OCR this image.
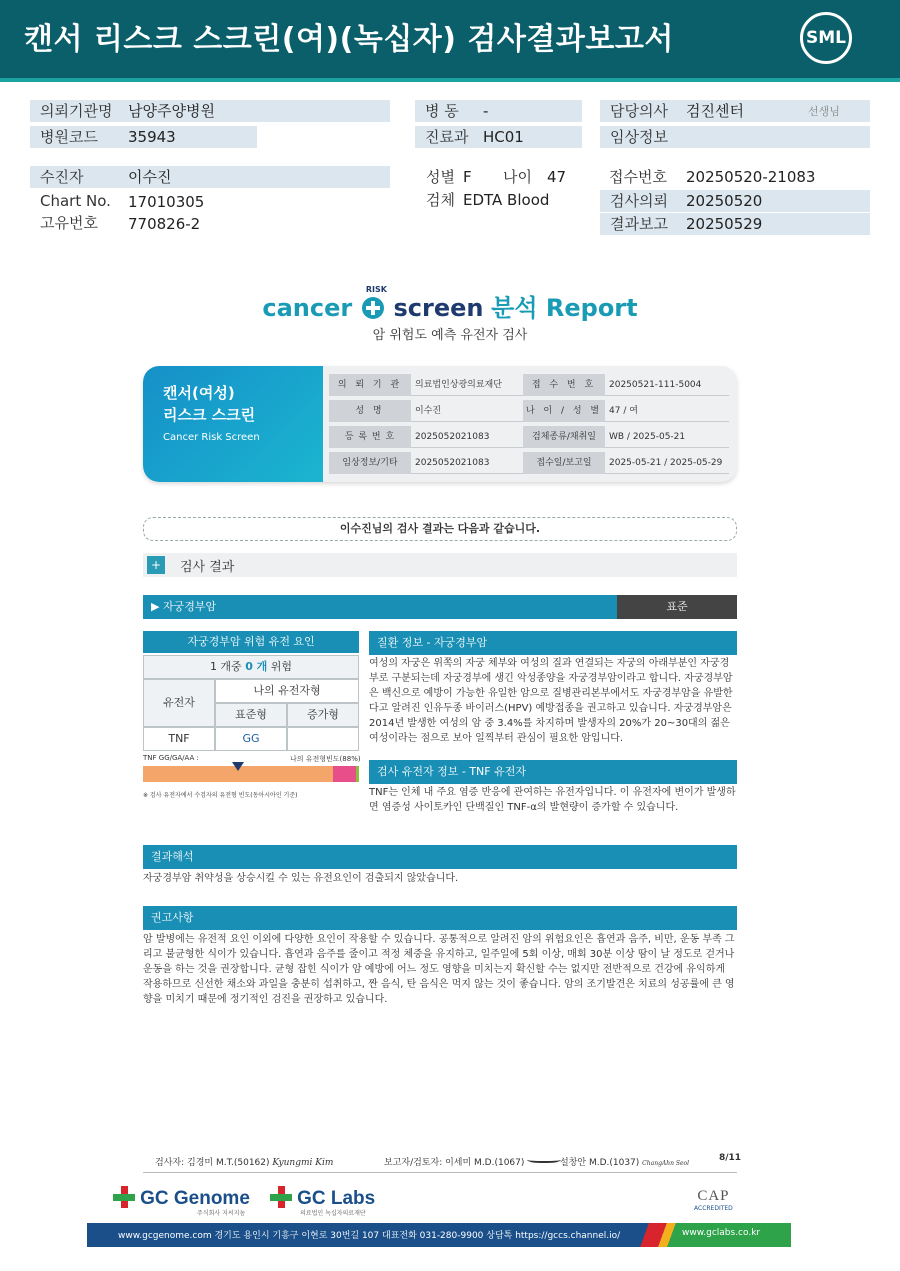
캔서 리스크 스크린(여)(녹십자) 검사결과보고서	SML
의뢰기관명	남양주양병원
병원코드	35943
병 동	-
진료과 HC01
담당의사	검진센터	선생님
임상정보
수진자	이수진
Chart No. 17010305
고유번호 770826-2
성별 F 나이 47
검체 EDTA Blood
접수번호 20250520-21083
검사의뢰	20250520
결과보고	20250529
cancer
RISK
screen 분석 Report
암 위험도 예측 유전자 검사
캔서(여성)
리스크 스크린
Cancer Risk Screen
의 뢰 기 관	의료법인상광의료재단	접 수 번 호	20250521-111-5004
성 명	이수진	나 이 / 성 별 47 / 여
등 록 번 호	2025052021083	검체종류/채취일	WB / 2025-05-21
임상정보/기타	2025052021083	접수일/보고일	2025-05-21 / 2025-05-29
이수진님의 검사 결과는 다음과 같습니다.
+	검사 결과
▶ 자궁경부암	표준
자궁경부암 위험 유전 요인
1 개중 0 개 위험
유전자
나의 유전자형
표준형	증가형
TNF	GG
TNF GG/GA/AA :	나의 유전형빈도(88%)
※ 검사 유전자에서 수검자의 유전형 빈도(동아시아인 기준)
질환 정보 - 자궁경부암
여성의 자궁은 위쪽의 자궁 체부와 여성의 질과 연결되는 자궁의 아래부분인 자궁경부로 구분되는데 자궁경부에 생긴 악성종양을 자궁경부암이라고 합니다. 자궁경부암은 백신으로 예방이 가능한 유일한 암으로 질병관리본부에서도 자궁경부암을 유발한다고 알려진 인유두종 바이러스(HPV) 예방접종을 권고하고 있습니다. 자궁경부암은 2014년 발생한 여성의 암 중 3.4%를 차지하며 발생자의 20%가 20~30대의 젊은 여성이라는 점으로 보아 일찍부터 관심이 필요한 암입니다.
검사 유전자 정보 - TNF 유전자
TNF는 인체 내 주요 염증 반응에 관여하는 유전자입니다. 이 유전자에 변이가 발생하면 염증성 사이토카인 단백질인 TNF-α의 발현량이 증가할 수 있습니다.
결과해석
자궁경부암 취약성을 상승시킬 수 있는 유전요인이 검출되지 않았습니다.
권고사항
암 발병에는 유전적 요인 이외에 다양한 요인이 작용할 수 있습니다. 공통적으로 알려진 암의 위험요인은 흡연과 음주, 비만, 운동 부족 그리고 불균형한 식이가 있습니다. 흡연과 음주를 줄이고 적정 체중을 유지하고, 일주일에 5회 이상, 매회 30분 이상 땀이 날 정도로 걷거나 운동을 하는 것을 권장합니다. 균형 잡힌 식이가 암 예방에 어느 정도 영향을 미치는지 확신할 수는 없지만 전반적으로 건강에 유익하게 작용하므로 신선한 채소와 과일을 충분히 섭취하고, 짠 음식, 탄 음식은 먹지 않는 것이 좋습니다. 암의 조기발견은 치료의 성공률에 큰 영향을 미치기 때문에 정기적인 검진을 권장하고 있습니다.
검사자: 김경미 M.T.(50162) Kyungmi Kim	보고자/검토자: 이세미 M.D.(1067)	설창안 M.D.(1037) ChangAhn Seol
8/11
GC Genome
주식회사 지씨지놈
GC Labs
의료법인 녹십자의료재단
CAP
ACCREDITED
www.gcgenome.com 경기도 용인시 기흥구 이현로 30번길 107 대표전화 031-280-9900 상담톡 https://gccs.channel.io/	www.gclabs.co.kr
